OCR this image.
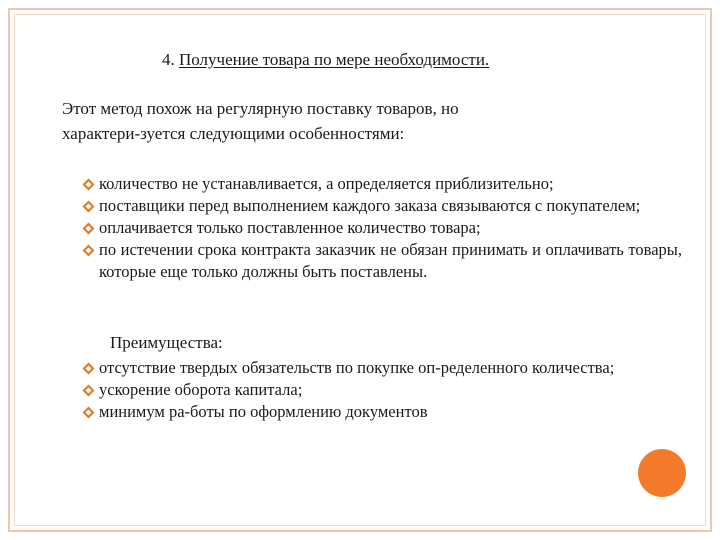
4. Получение товара по мере необходимости.
Этот метод похож на регулярную поставку товаров, но
характери-зуется следующими особенностями:
количество не устанавливается, а определяется приблизительно;
поставщики перед выполнением каждого заказа связываются с покупателем;
оплачивается только поставленное количество товара;
по истечении срока контракта заказчик не обязан принимать и оплачивать товары, которые еще только должны быть поставлены.
Преимущества:
отсутствие твердых обязательств по покупке оп-ределенного количества;
ускорение оборота капитала;
минимум ра-боты по оформлению документов
